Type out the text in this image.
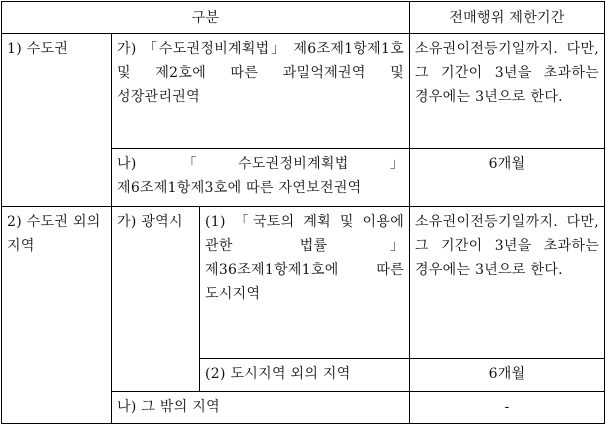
구분			전매행위 제한기간
1) 수도권	가) 「수도권정비계획법」 제6조제1항제1호 및 제2호에 따른 과밀억제권역 및 성장관리권역		소유권이전등기일까지. 다만, 그 기간이 3년을 초과하는 경우에는 3년으로 한다.
	나) 「수도권정비계획법」 제6조제1항제3호에 따른 자연보전권역		6개월
2) 수도권 외의 지역	가) 광역시	(1) 「국토의 계획 및 이용에 관한 법률」 제36조제1항제1호에 따른 도시지역	소유권이전등기일까지. 다만, 그 기간이 3년을 초과하는 경우에는 3년으로 한다.
		(2) 도시지역 외의 지역	6개월
	나) 그 밖의 지역		-
